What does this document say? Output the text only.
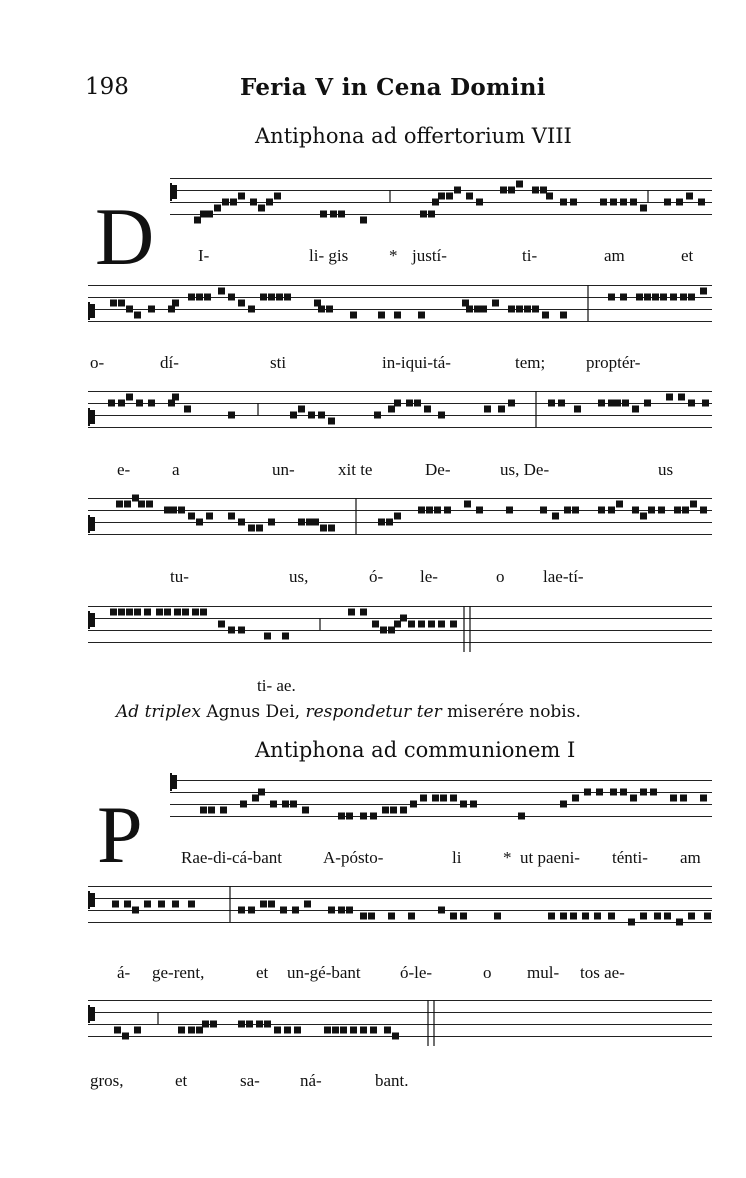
198	Feria V in Cena Domini
Antiphona ad offertorium VIII
D	I-	li- gis * justí-	ti-	am	et
o-	dí-	sti	in-iqui-tá-	tem; proptér-
e- a	un-	xit te	De-	us, De-	us
tu-	us,	ó- le-	o lae-tí-
ti- ae.
Ad triplex Agnus Dei, respondetur ter miserére nobis.
Antiphona ad communionem I
P Rae-di-cá-bant A-pósto-	li * ut paeni- ténti- am
á- ge-rent,	et un-gé-bant ó-le-	o mul- tos ae-
gros,	et	sa- ná-	bant.
